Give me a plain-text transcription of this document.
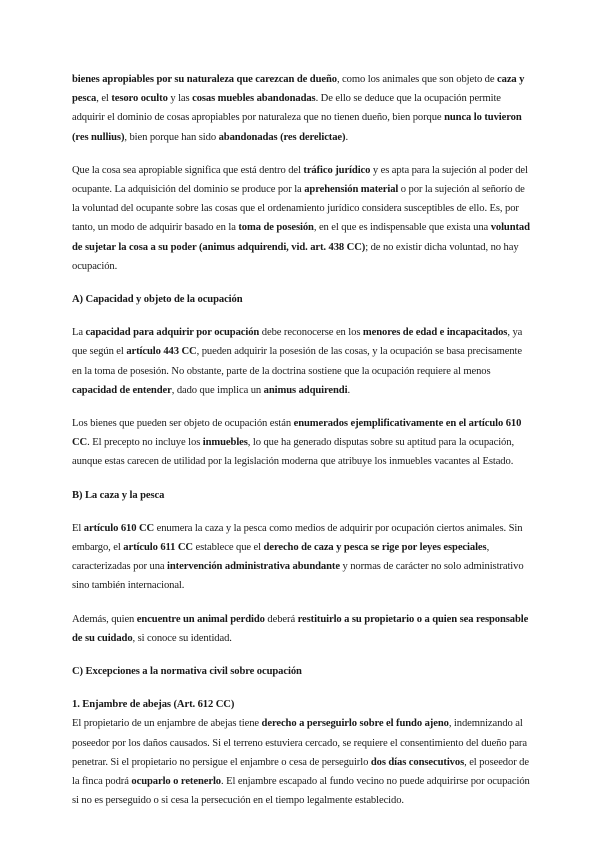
bienes apropiables por su naturaleza que carezcan de dueño, como los animales que son objeto de caza y pesca, el tesoro oculto y las cosas muebles abandonadas. De ello se deduce que la ocupación permite adquirir el dominio de cosas apropiables por naturaleza que no tienen dueño, bien porque nunca lo tuvieron (res nullius), bien porque han sido abandonadas (res derelictae).

Que la cosa sea apropiable significa que está dentro del tráfico jurídico y es apta para la sujeción al poder del ocupante. La adquisición del dominio se produce por la aprehensión material o por la sujeción al señorío de la voluntad del ocupante sobre las cosas que el ordenamiento jurídico considera susceptibles de ello. Es, por tanto, un modo de adquirir basado en la toma de posesión, en el que es indispensable que exista una voluntad de sujetar la cosa a su poder (animus adquirendi, vid. art. 438 CC); de no existir dicha voluntad, no hay ocupación.

A) Capacidad y objeto de la ocupación

La capacidad para adquirir por ocupación debe reconocerse en los menores de edad e incapacitados, ya que según el artículo 443 CC, pueden adquirir la posesión de las cosas, y la ocupación se basa precisamente en la toma de posesión. No obstante, parte de la doctrina sostiene que la ocupación requiere al menos capacidad de entender, dado que implica un animus adquirendi.

Los bienes que pueden ser objeto de ocupación están enumerados ejemplificativamente en el artículo 610 CC. El precepto no incluye los inmuebles, lo que ha generado disputas sobre su aptitud para la ocupación, aunque estas carecen de utilidad por la legislación moderna que atribuye los inmuebles vacantes al Estado.

B) La caza y la pesca

El artículo 610 CC enumera la caza y la pesca como medios de adquirir por ocupación ciertos animales. Sin embargo, el artículo 611 CC establece que el derecho de caza y pesca se rige por leyes especiales, caracterizadas por una intervención administrativa abundante y normas de carácter no solo administrativo sino también internacional.

Además, quien encuentre un animal perdido deberá restituirlo a su propietario o a quien sea responsable de su cuidado, si conoce su identidad.

C) Excepciones a la normativa civil sobre ocupación

1. Enjambre de abejas (Art. 612 CC)

El propietario de un enjambre de abejas tiene derecho a perseguirlo sobre el fundo ajeno, indemnizando al poseedor por los daños causados. Si el terreno estuviera cercado, se requiere el consentimiento del dueño para penetrar. Si el propietario no persigue el enjambre o cesa de perseguirlo dos días consecutivos, el poseedor de la finca podrá ocuparlo o retenerlo. El enjambre escapado al fundo vecino no puede adquirirse por ocupación si no es perseguido o si cesa la persecución en el tiempo legalmente establecido.
